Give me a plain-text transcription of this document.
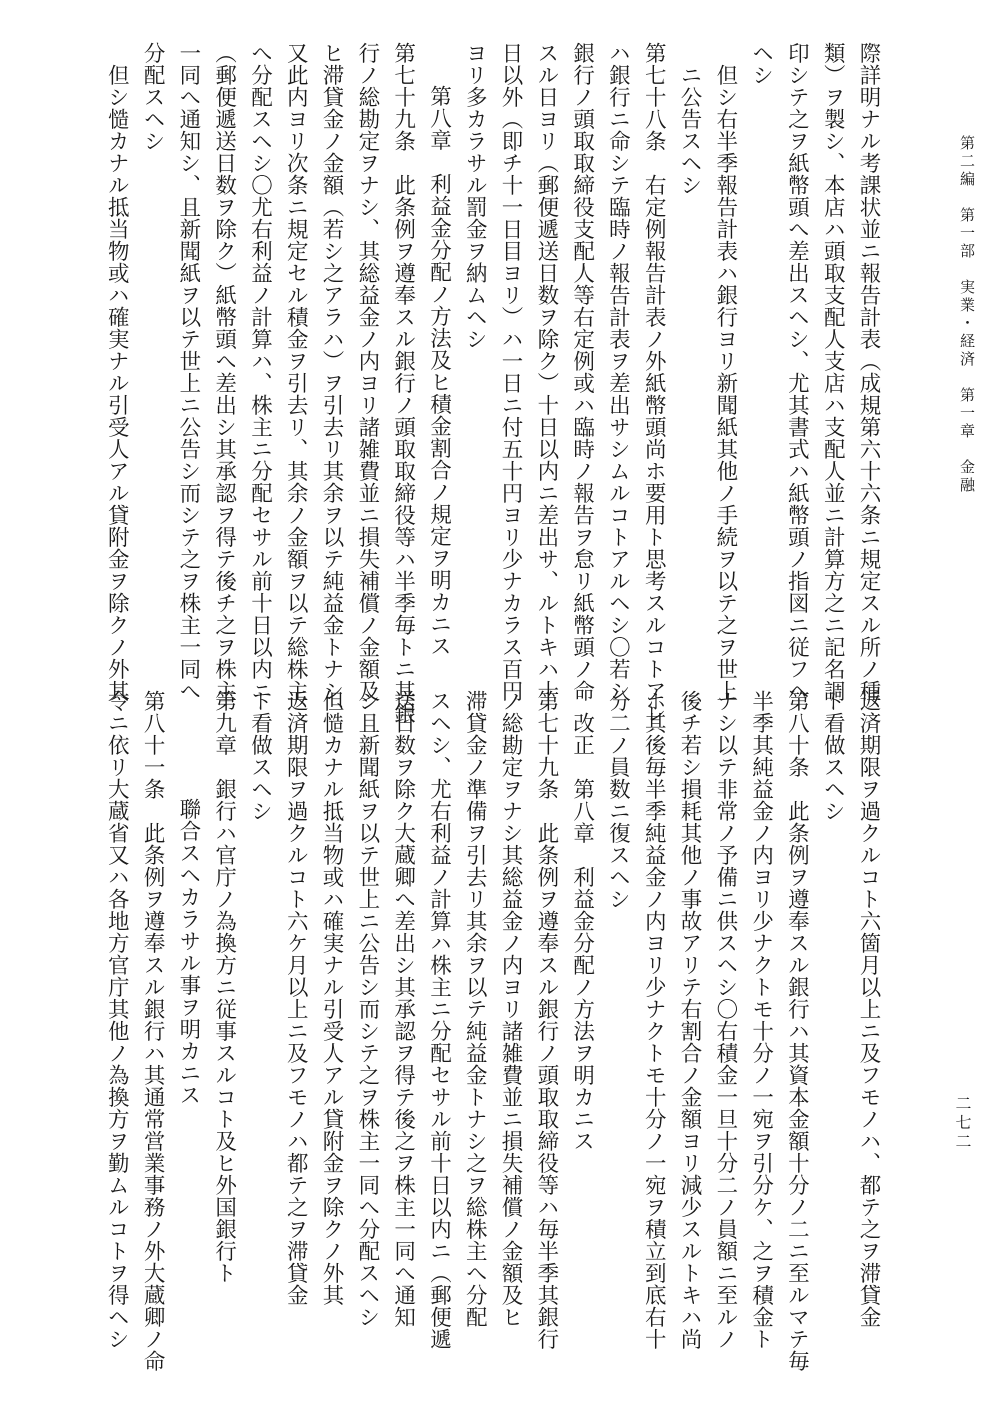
第二編　第一部　実業・経済　第一章　金融
二七二
際詳明ナル考課状並ニ報告計表（成規第六十六条ニ規定スル所ノ種
類）ヲ製シ、本店ハ頭取支配人支店ハ支配人並ニ計算方之ニ記名調
印シテ之ヲ紙幣頭へ差出スヘシ、尤其書式ハ紙幣頭ノ指図ニ従フヘ
ヘシ
但シ右半季報告計表ハ銀行ヨリ新聞紙其他ノ手続ヲ以テ之ヲ世上
ニ公告スヘシ
第七十八条　右定例報告計表ノ外紙幣頭尚ホ要用ト思考スルコトアレ
ハ銀行ニ命シテ臨時ノ報告計表ヲ差出サシムルコトアルヘシ〇若シ
銀行ノ頭取取締役支配人等右定例或ハ臨時ノ報告ヲ怠リ紙幣頭ノ命
スル日ヨリ（郵便遞送日数ヲ除ク）十日以内ニ差出サ、ルトキハ十
日以外（即チ十一日目ヨリ）ハ一日ニ付五十円ヨリ少ナカラス百円
ヨリ多カラサル罰金ヲ納ムヘシ
第八章　利益金分配ノ方法及ヒ積金割合ノ規定ヲ明カニス
第七十九条　此条例ヲ遵奉スル銀行ノ頭取取締役等ハ半季毎トニ其銀
行ノ総勘定ヲナシ、其総益金ノ内ヨリ諸雑費並ニ損失補償ノ金額及
ヒ滞貸金ノ金額（若シ之アラハ）ヲ引去リ其余ヲ以テ純益金トナシ、
又此内ヨリ次条ニ規定セル積金ヲ引去リ、其余ノ金額ヲ以テ総株主
へ分配スヘシ〇尤右利益ノ計算ハ、株主ニ分配セサル前十日以内ニ
（郵便遞送日数ヲ除ク）紙幣頭へ差出シ其承認ヲ得テ後チ之ヲ株主
一同へ通知シ、且新聞紙ヲ以テ世上ニ公告シ而シテ之ヲ株主一同へ
分配スヘシ
但シ慥カナル抵当物或ハ確実ナル引受人アル貸附金ヲ除クノ外其
返済期限ヲ過クルコト六箇月以上ニ及フモノハ、都テ之ヲ滞貸金
ト看做スヘシ
第八十条　此条例ヲ遵奉スル銀行ハ其資本金額十分ノ二ニ至ルマテ毎
半季其純益金ノ内ヨリ少ナクトモ十分ノ一宛ヲ引分ケ、之ヲ積金ト
ナシ以テ非常ノ予備ニ供スヘシ〇右積金一旦十分二ノ員額ニ至ルノ
後チ若シ損耗其他ノ事故アリテ右割合ノ金額ヨリ減少スルトキハ尚
ホ其後毎半季純益金ノ内ヨリ少ナクトモ十分ノ一宛ヲ積立到底右十
分二ノ員数ニ復スヘシ
改正　第八章　利益金分配ノ方法ヲ明カニス
第七十九条　此条例ヲ遵奉スル銀行ノ頭取取締役等ハ毎半季其銀行
ノ総勘定ヲナシ其総益金ノ内ヨリ諸雑費並ニ損失補償ノ金額及ヒ
滞貸金ノ準備ヲ引去リ其余ヲ以テ純益金トナシ之ヲ総株主へ分配
スヘシ、尤右利益ノ計算ハ株主ニ分配セサル前十日以内ニ（郵便遞
送日数ヲ除ク大蔵卿へ差出シ其承認ヲ得テ後之ヲ株主一同へ通知
シ且新聞紙ヲ以テ世上ニ公告シ而シテ之ヲ株主一同へ分配スヘシ
但慥カナル抵当物或ハ確実ナル引受人アル貸附金ヲ除クノ外其
返済期限ヲ過クルコト六ケ月以上ニ及フモノハ都テ之ヲ滞貸金
ト看做スヘシ
第九章　銀行ハ官庁ノ為換方ニ従事スルコト及ヒ外国銀行ト
聯合スヘカラサル事ヲ明カニス
第八十一条　此条例ヲ遵奉スル銀行ハ其通常営業事務ノ外大蔵卿ノ命
令ニ依リ大蔵省又ハ各地方官庁其他ノ為換方ヲ勤ムルコトヲ得ヘシ
